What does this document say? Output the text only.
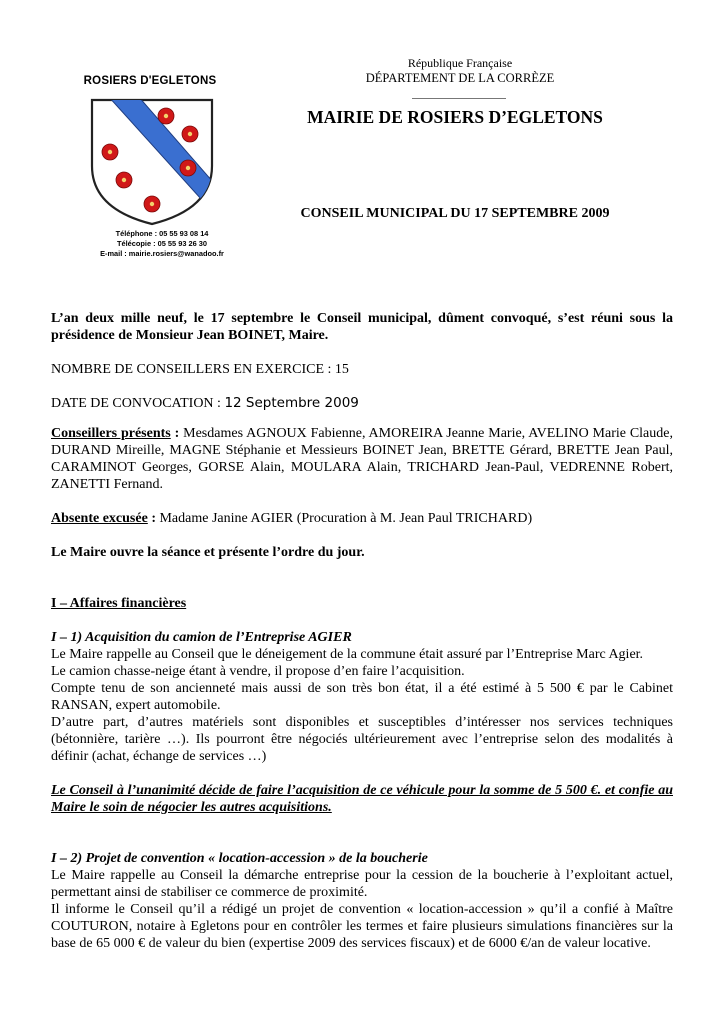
ROSIERS D'EGLETONS
Téléphone : 05 55 93 08 14
Télécopie : 05 55 93 26 30
E-mail : mairie.rosiers@wanadoo.fr
République Française
DÉPARTEMENT DE LA CORRÈZE
MAIRIE DE ROSIERS D’EGLETONS
CONSEIL MUNICIPAL DU 17 SEPTEMBRE 2009

L’an deux mille neuf, le 17 septembre le Conseil municipal, dûment convoqué, s’est réuni sous la présidence de Monsieur Jean BOINET, Maire.

NOMBRE DE CONSEILLERS EN EXERCICE : 15

DATE DE CONVOCATION : 12 Septembre 2009

Conseillers présents : Mesdames AGNOUX Fabienne, AMOREIRA Jeanne Marie, AVELINO Marie Claude, DURAND Mireille, MAGNE Stéphanie et Messieurs BOINET Jean, BRETTE Gérard, BRETTE Jean Paul, CARAMINOT Georges, GORSE Alain, MOULARA Alain, TRICHARD Jean-Paul, VEDRENNE Robert, ZANETTI Fernand.

Absente excusée : Madame Janine AGIER (Procuration à M. Jean Paul TRICHARD)

Le Maire ouvre la séance et présente l’ordre du jour.

I – Affaires financières

I – 1) Acquisition du camion de l’Entreprise AGIER

Le Maire rappelle au Conseil que le déneigement de la commune était assuré par l’Entreprise Marc Agier.

Le camion chasse-neige étant à vendre, il propose d’en faire l’acquisition.

Compte tenu de son ancienneté mais aussi de son très bon état, il a été estimé à 5 500 € par le Cabinet RANSAN, expert automobile.

D’autre part, d’autres matériels sont disponibles et susceptibles d’intéresser nos services techniques (bétonnière, tarière …). Ils pourront être négociés ultérieurement avec l’entreprise selon des modalités à définir (achat, échange de services …)

Le Conseil à l’unanimité décide de faire l’acquisition de ce véhicule pour la somme de 5 500 €. et confie au Maire le soin de négocier les autres acquisitions.

I – 2) Projet de convention « location-accession » de la boucherie

Le Maire rappelle au Conseil la démarche entreprise pour la cession de la boucherie à l’exploitant actuel, permettant ainsi de stabiliser ce commerce de proximité.

Il informe le Conseil qu’il a rédigé un projet de convention « location-accession » qu’il a confié à Maître COUTURON, notaire à Egletons pour en contrôler les termes et faire plusieurs simulations financières sur la base de 65 000 € de valeur du bien (expertise 2009 des services fiscaux) et de 6000 €/an de valeur locative.
